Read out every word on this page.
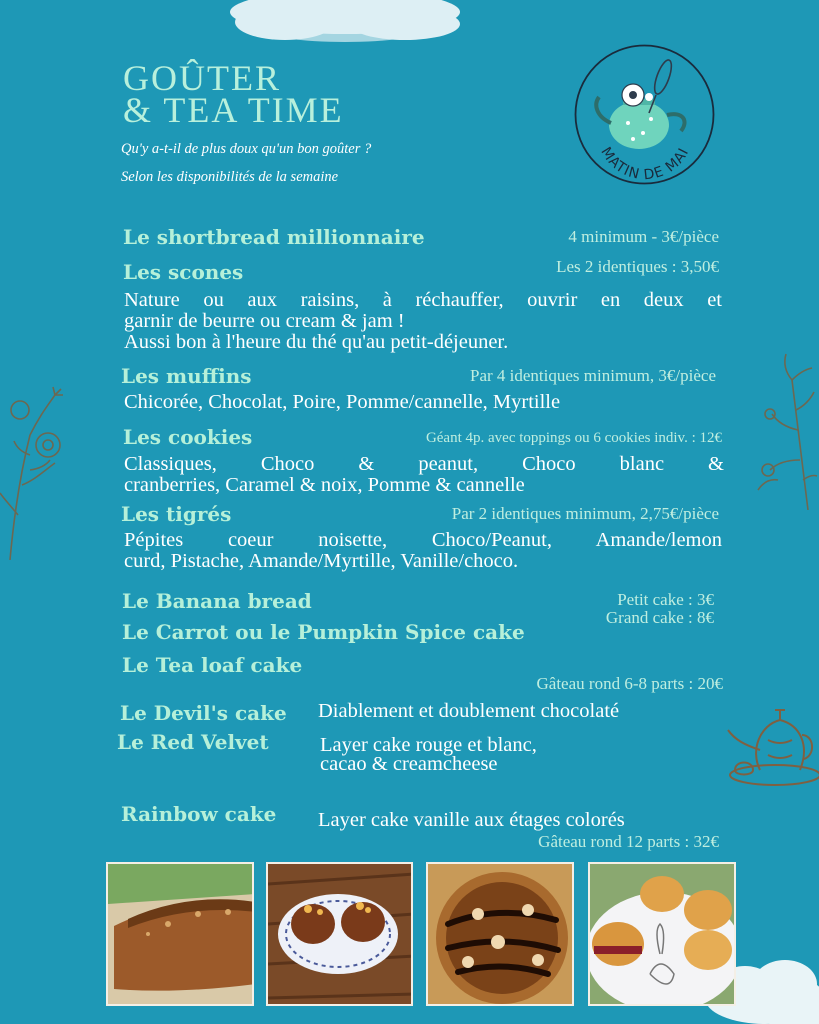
GOÛTER
& TEA TIME
Qu'y a-t-il de plus doux qu'un bon goûter ?
Selon les disponibilités de la semaine
MATIN DE MAI
Le shortbread millionnaire	4 minimum - 3€/pièce
Les scones	Les 2 identiques : 3,50€
Nature ou aux raisins, à réchauffer, ouvrir en deux et
garnir de beurre ou cream & jam !
Aussi bon à l'heure du thé qu'au petit-déjeuner.
Les muffins	Par 4 identiques minimum, 3€/pièce
Chicorée, Chocolat, Poire, Pomme/cannelle, Myrtille
Les cookies	Géant 4p. avec toppings ou 6 cookies indiv. : 12€
Classiques, Choco & peanut, Choco blanc &
cranberries, Caramel & noix, Pomme & cannelle
Les tigrés	Par 2 identiques minimum, 2,75€/pièce
Pépites coeur noisette, Choco/Peanut, Amande/lemon
curd, Pistache, Amande/Myrtille, Vanille/choco.
Le Banana bread
Le Carrot ou le Pumpkin Spice cake
Le Tea loaf cake
Petit cake : 3€
Grand cake : 8€
Gâteau rond 6-8 parts : 20€
Le Devil's cake Diablement et doublement chocolaté
Le Red Velvet	Layer cake rouge et blanc,
cacao & creamcheese
Rainbow cake Layer cake vanille aux étages colorés
Gâteau rond 12 parts : 32€
